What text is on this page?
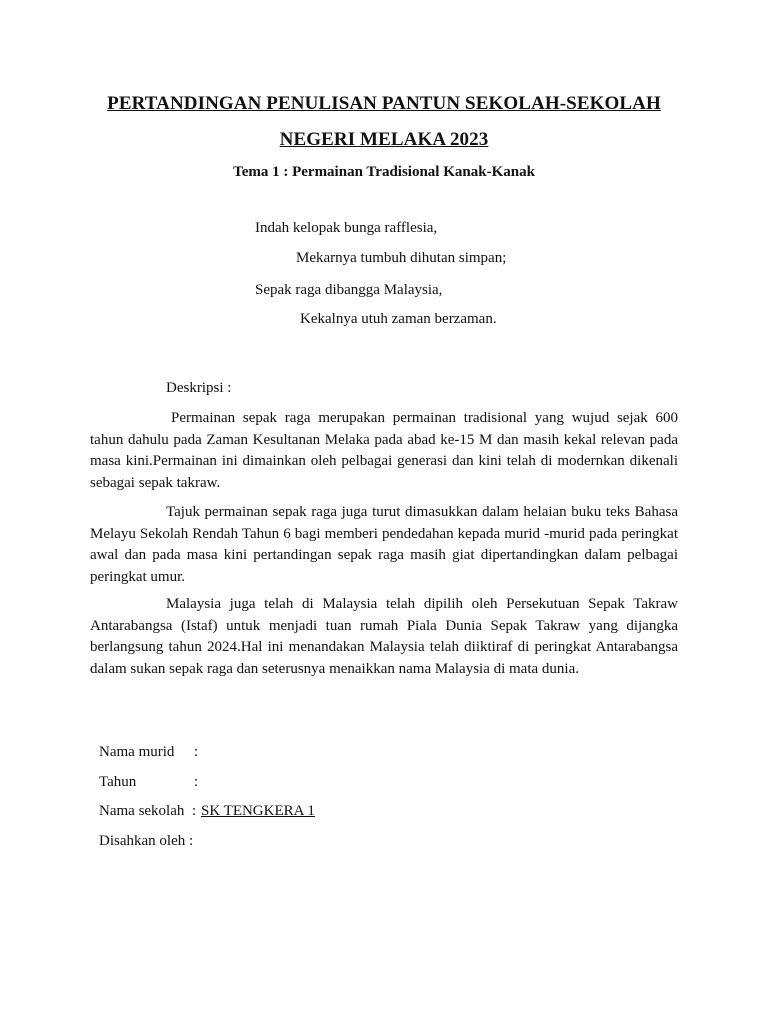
PERTANDINGAN PENULISAN PANTUN SEKOLAH-SEKOLAH

NEGERI MELAKA 2023

Tema 1 : Permainan Tradisional Kanak-Kanak

Indah kelopak bunga rafflesia,

Mekarnya tumbuh dihutan simpan;

Sepak raga dibangga Malaysia,

Kekalnya utuh zaman berzaman.

Deskripsi :

Permainan sepak raga merupakan permainan tradisional yang wujud sejak 600 tahun dahulu pada Zaman Kesultanan Melaka pada abad ke-15 M dan masih kekal relevan pada masa kini.Permainan ini dimainkan oleh pelbagai generasi dan kini telah di modernkan dikenali sebagai sepak takraw.

Tajuk permainan sepak raga juga turut dimasukkan dalam helaian buku teks Bahasa Melayu Sekolah Rendah Tahun 6 bagi memberi pendedahan kepada murid -murid pada peringkat awal dan pada masa kini pertandingan sepak raga masih giat dipertandingkan dalam pelbagai peringkat umur.

Malaysia juga telah di Malaysia telah dipilih oleh Persekutuan Sepak Takraw Antarabangsa (Istaf) untuk menjadi tuan rumah Piala Dunia Sepak Takraw yang dijangka berlangsung tahun 2024.Hal ini menandakan Malaysia telah diiktiraf di peringkat Antarabangsa dalam sukan sepak raga dan seterusnya menaikkan nama Malaysia di mata dunia.

Nama murid :

Tahun	:

Nama sekolah : SK TENGKERA 1

Disahkan oleh :
